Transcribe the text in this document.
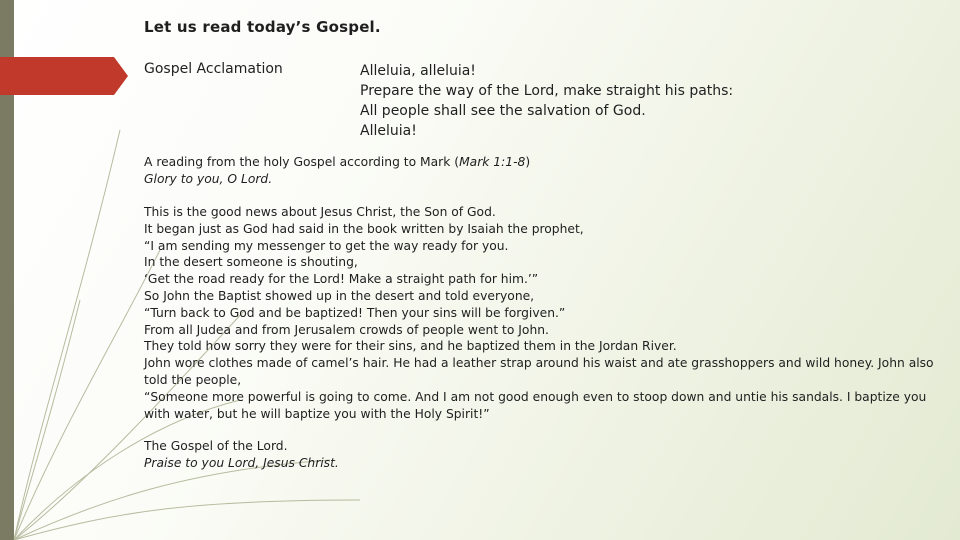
Let us read today’s Gospel.
Gospel Acclamation	Alleluia, alleluia!
Prepare the way of the Lord, make straight his paths:
All people shall see the salvation of God.
Alleluia!
A reading from the holy Gospel according to Mark (Mark 1:1-8)
Glory to you, O Lord.
This is the good news about Jesus Christ, the Son of God.
It began just as God had said in the book written by Isaiah the prophet,
“I am sending my messenger to get the way ready for you.
In the desert someone is shouting,
‘Get the road ready for the Lord! Make a straight path for him.’”
So John the Baptist showed up in the desert and told everyone,
“Turn back to God and be baptized! Then your sins will be forgiven.”
From all Judea and from Jerusalem crowds of people went to John.
They told how sorry they were for their sins, and he baptized them in the Jordan River.
John wore clothes made of camel’s hair. He had a leather strap around his waist and ate grasshoppers and wild honey. John also told the people,
“Someone more powerful is going to come. And I am not good enough even to stoop down and untie his sandals. I baptize you with water, but he will baptize you with the Holy Spirit!”
The Gospel of the Lord.
Praise to you Lord, Jesus Christ.
